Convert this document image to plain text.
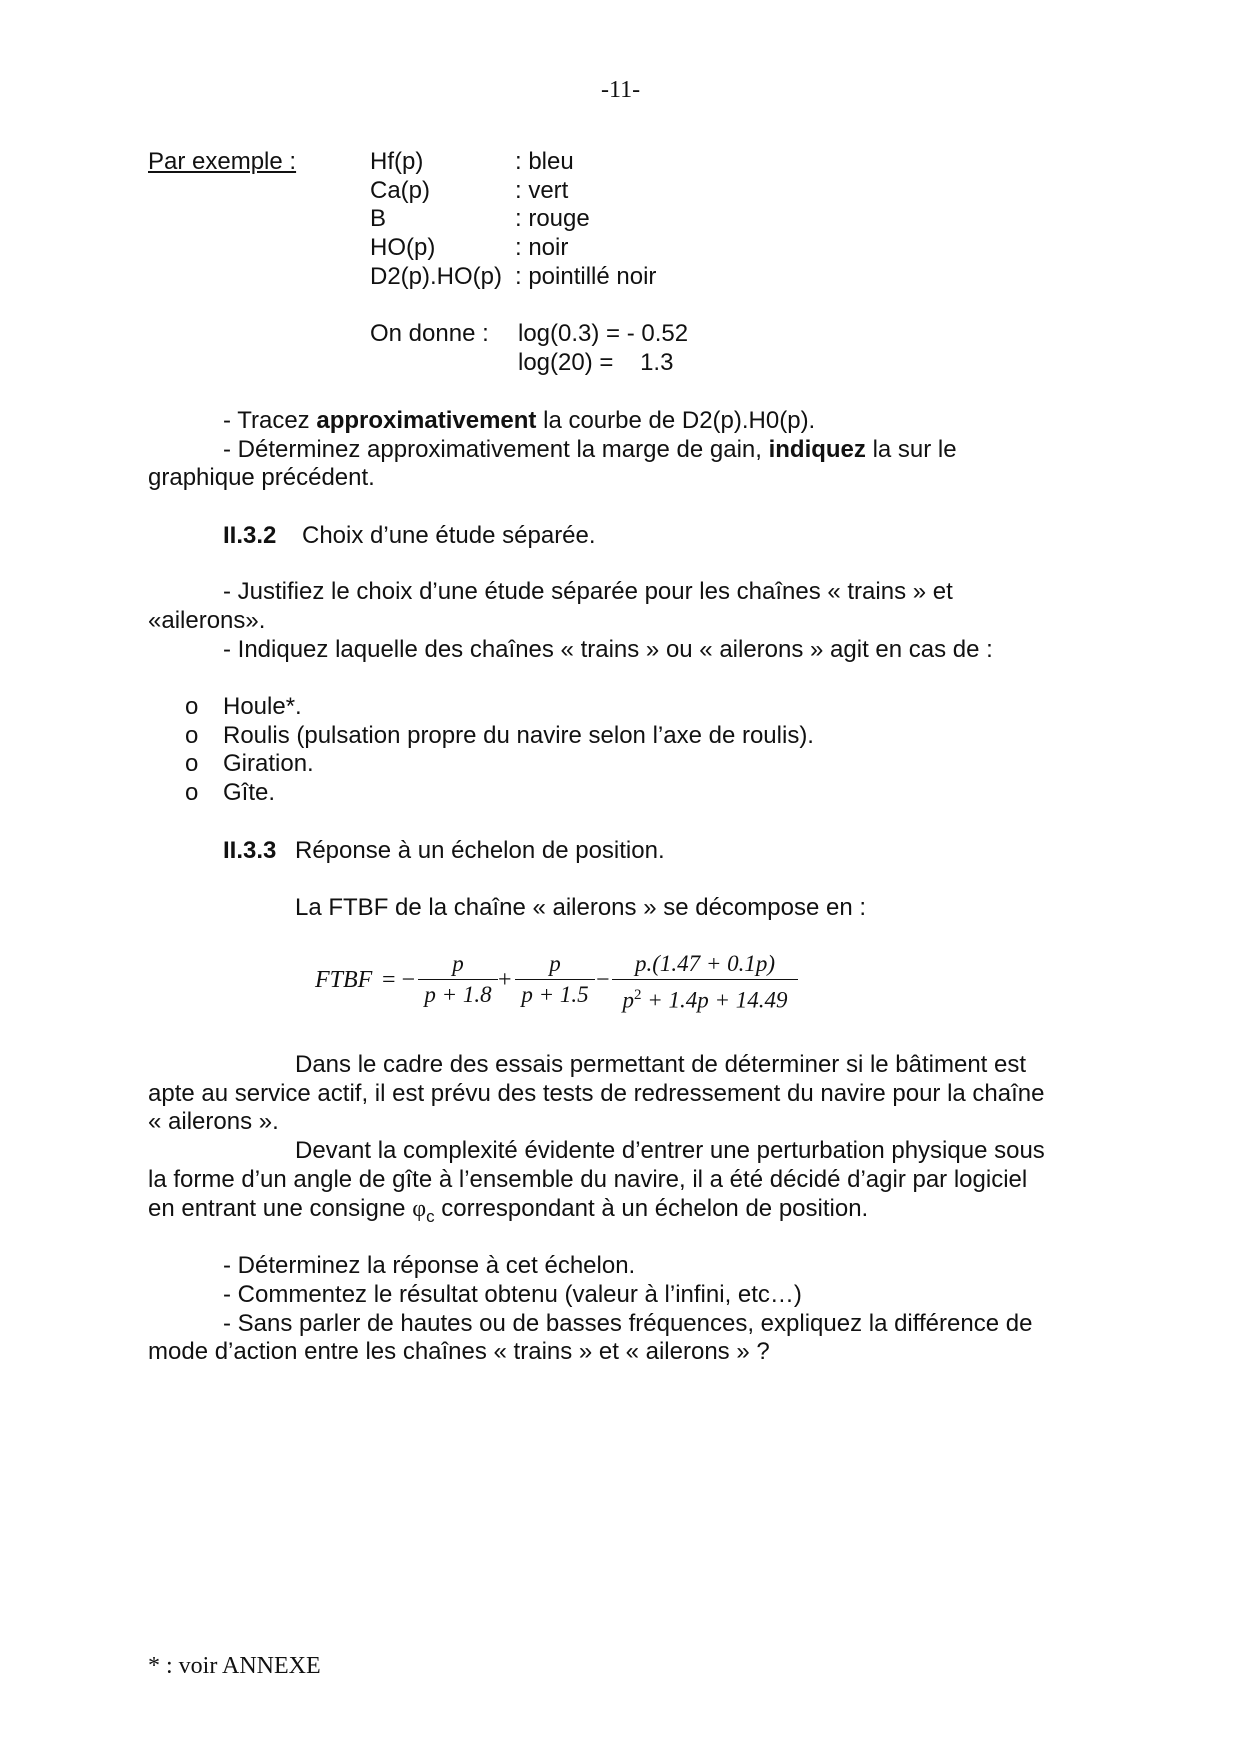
-11-
Par exemple :	Hf(p)	: bleu
Ca(p)	: vert
B	: rouge
HO(p)	: noir
D2(p).HO(p) : pointillé noir
On donne : log(0.3) = - 0.52
log(20) =    1.3
- Tracez approximativement la courbe de D2(p).H0(p).
- Déterminez approximativement la marge de gain, indiquez la sur le
graphique précédent.
II.3.2 Choix d’une étude séparée.
- Justifiez le choix d’une étude séparée pour les chaînes « trains » et
«ailerons».
- Indiquez laquelle des chaînes « trains » ou « ailerons » agit en cas de :
o Houle*.
o Roulis (pulsation propre du navire selon l’axe de roulis).
o Giration.
o Gîte.
II.3.3 Réponse à un échelon de position.
La FTBF de la chaîne « ailerons » se décompose en :
FTBF = −
p
p + 1.8
+
p
p + 1.5
−
p.(1.47 + 0.1p)
$p^2 + 1.4p + 14.49$
Dans le cadre des essais permettant de déterminer si le bâtiment est
apte au service actif, il est prévu des tests de redressement du navire pour la chaîne
« ailerons ».
Devant la complexité évidente d’entrer une perturbation physique sous
la forme d’un angle de gîte à l’ensemble du navire, il a été décidé d’agir par logiciel
en entrant une consigne $\varphi_c$ correspondant à un échelon de position.
- Déterminez la réponse à cet échelon.
- Commentez le résultat obtenu (valeur à l’infini, etc…)
- Sans parler de hautes ou de basses fréquences, expliquez la différence de
mode d’action entre les chaînes « trains » et « ailerons » ?
* : voir ANNEXE
